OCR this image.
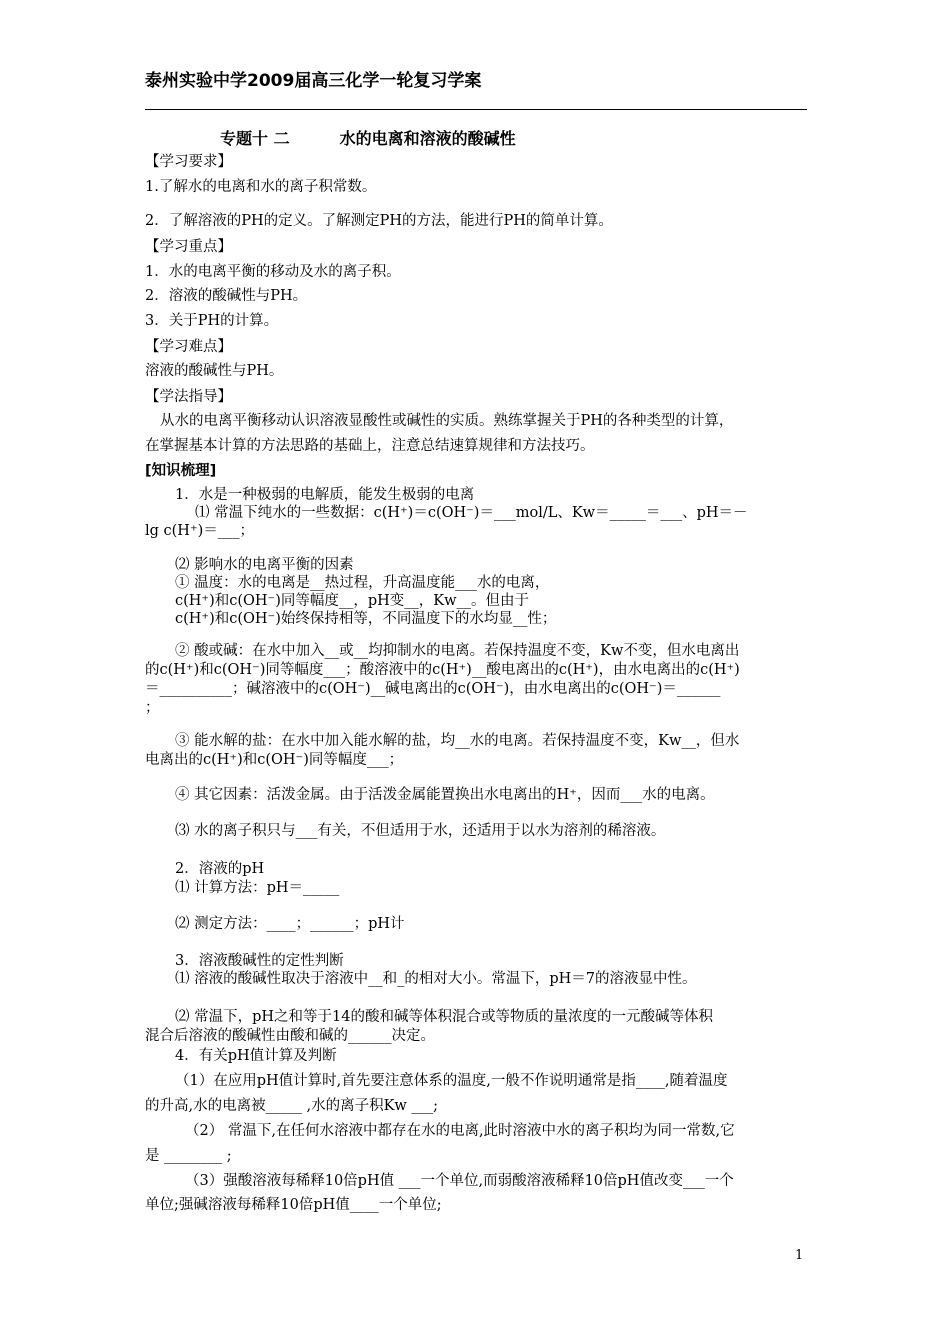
泰州实验中学2009届高三化学一轮复习学案
专题十 二	水的电离和溶液的酸碱性
【学习要求】
1.了解水的电离和水的离子积常数。
2．了解溶液的PH的定义。了解测定PH的方法，能进行PH的简单计算。
【学习重点】
1．水的电离平衡的移动及水的离子积。
2．溶液的酸碱性与PH。
3．关于PH的计算。
【学习难点】
溶液的酸碱性与PH。
【学法指导】
从水的电离平衡移动认识溶液显酸性或碱性的实质。熟练掌握关于PH的各种类型的计算，
在掌握基本计算的方法思路的基础上，注意总结速算规律和方法技巧。
[知识梳理]
1．水是一种极弱的电解质，能发生极弱的电离
⑴ 常温下纯水的一些数据：c(H⁺)＝c(OH⁻)＝___mol/L、Kw＝_____＝___、pH＝－
lg c(H⁺)＝___；
⑵ 影响水的电离平衡的因素
① 温度：水的电离是__热过程，升高温度能___水的电离，
c(H⁺)和c(OH⁻)同等幅度__，pH变__，Kw__。但由于
c(H⁺)和c(OH⁻)始终保持相等，不同温度下的水均显__性；
② 酸或碱：在水中加入__或__均抑制水的电离。若保持温度不变，Kw不变，但水电离出
的c(H⁺)和c(OH⁻)同等幅度___；酸溶液中的c(H⁺)__酸电离出的c(H⁺)，由水电离出的c(H⁺)
＝__________；碱溶液中的c(OH⁻)__碱电离出的c(OH⁻)，由水电离出的c(OH⁻)＝______
；
③ 能水解的盐：在水中加入能水解的盐，均__水的电离。若保持温度不变，Kw__，但水
电离出的c(H⁺)和c(OH⁻)同等幅度___；
④ 其它因素：活泼金属。由于活泼金属能置换出水电离出的H⁺，因而___水的电离。
⑶ 水的离子积只与___有关，不但适用于水，还适用于以水为溶剂的稀溶液。
2．溶液的pH
⑴ 计算方法：pH＝_____
⑵ 测定方法：____；______；pH计
3．溶液酸碱性的定性判断
⑴ 溶液的酸碱性取决于溶液中__和_的相对大小。常温下，pH＝7的溶液显中性。
⑵ 常温下，pH之和等于14的酸和碱等体积混合或等物质的量浓度的一元酸碱等体积
混合后溶液的酸碱性由酸和碱的______决定。
4．有关pH值计算及判断
（1）在应用pH值计算时,首先要注意体系的温度,一般不作说明通常是指____,随着温度
的升高,水的电离被_____ ,水的离子积Kw ___;
（2） 常温下,在任何水溶液中都存在水的电离,此时溶液中水的离子积均为同一常数,它
是 ________ ;
（3）强酸溶液每稀释10倍pH值 ___一个单位,而弱酸溶液稀释10倍pH值改变___一个
单位;强碱溶液每稀释10倍pH值____一个单位;
1
